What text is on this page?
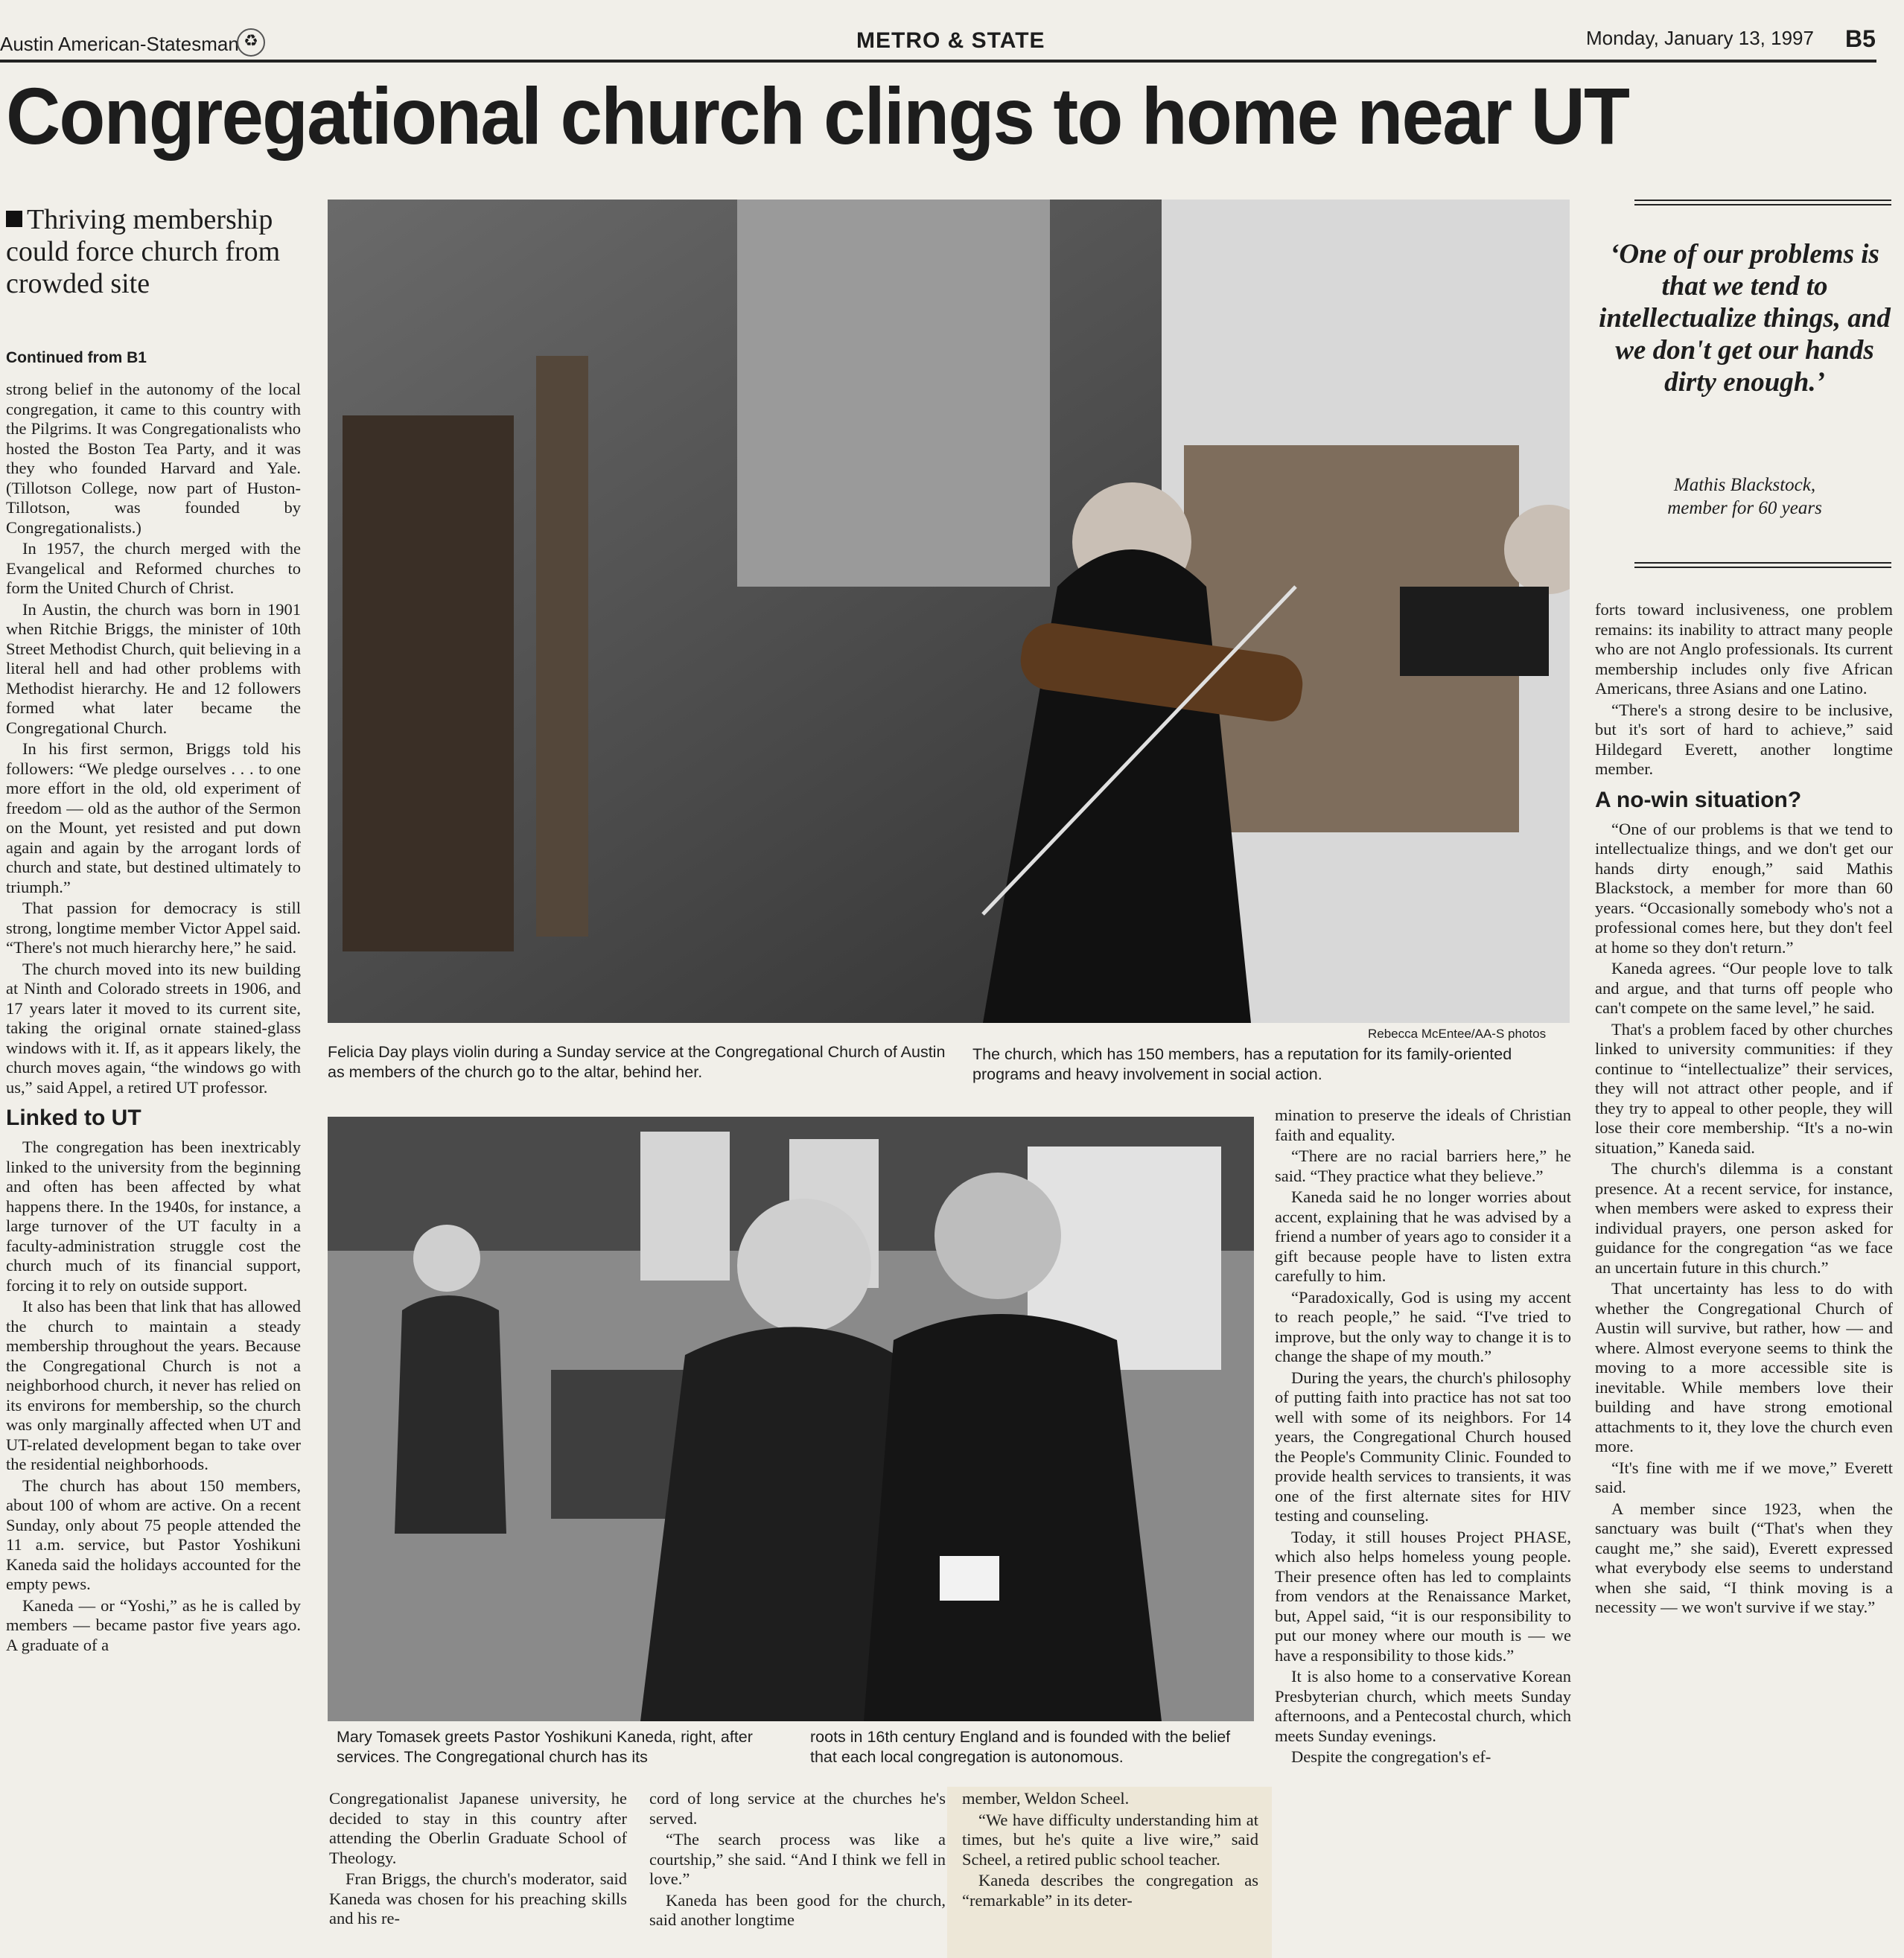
Austin American-Statesman ♻	METRO & STATE	Monday, January 13, 1997 B5
Congregational church clings to home near UT
Thriving membership could force church from crowded site
Continued from B1

strong belief in the autonomy of the local congregation, it came to this country with the Pilgrims. It was Congregationalists who hosted the Boston Tea Party, and it was they who founded Harvard and Yale. (Tillotson College, now part of Huston-Tillotson, was founded by Congregationalists.)

In 1957, the church merged with the Evangelical and Reformed churches to form the United Church of Christ.

In Austin, the church was born in 1901 when Ritchie Briggs, the minister of 10th Street Methodist Church, quit believing in a literal hell and had other problems with Methodist hierarchy. He and 12 followers formed what later became the Congregational Church.

In his first sermon, Briggs told his followers: “We pledge ourselves . . . to one more effort in the old, old experiment of freedom — old as the author of the Sermon on the Mount, yet resisted and put down again and again by the arrogant lords of church and state, but destined ultimately to triumph.”

That passion for democracy is still strong, longtime member Victor Appel said. “There's not much hierarchy here,” he said.

The church moved into its new building at Ninth and Colorado streets in 1906, and 17 years later it moved to its current site, taking the original ornate stained-glass windows with it. If, as it appears likely, the church moves again, “the windows go with us,” said Appel, a retired UT professor.

Linked to UT

The congregation has been inextricably linked to the university from the beginning and often has been affected by what happens there. In the 1940s, for instance, a large turnover of the UT faculty in a faculty-administration struggle cost the church much of its financial support, forcing it to rely on outside support.

It also has been that link that has allowed the church to maintain a steady membership throughout the years. Because the Congregational Church is not a neighborhood church, it never has relied on its environs for membership, so the church was only marginally affected when UT and UT-related development began to take over the residential neighborhoods.

The church has about 150 members, about 100 of whom are active. On a recent Sunday, only about 75 people attended the 11 a.m. service, but Pastor Yoshikuni Kaneda said the holidays accounted for the empty pews.

Kaneda — or “Yoshi,” as he is called by members — became pastor five years ago. A graduate of a

Rebecca McEntee/AA-S photos
Felicia Day plays violin during a Sunday service at the Congregational Church of Austin as members of the church go to the altar, behind her.
The church, which has 150 members, has a reputation for its family-oriented programs and heavy involvement in social action.
Mary Tomasek greets Pastor Yoshikuni Kaneda, right, after services. The Congregational church has its
roots in 16th century England and is founded with the belief that each local congregation is autonomous.

Congregationalist Japanese university, he decided to stay in this country after attending the Oberlin Graduate School of Theology.

Fran Briggs, the church's moderator, said Kaneda was chosen for his preaching skills and his re-

cord of long service at the churches he's served.

“The search process was like a courtship,” she said. “And I think we fell in love.”

Kaneda has been good for the church, said another longtime

member, Weldon Scheel.

“We have difficulty understanding him at times, but he's quite a live wire,” said Scheel, a retired public school teacher.

Kaneda describes the congregation as “remarkable” in its deter-

mination to preserve the ideals of Christian faith and equality.

“There are no racial barriers here,” he said. “They practice what they believe.”

Kaneda said he no longer worries about accent, explaining that he was advised by a friend a number of years ago to consider it a gift because people have to listen extra carefully to him.

“Paradoxically, God is using my accent to reach people,” he said. “I've tried to improve, but the only way to change it is to change the shape of my mouth.”

During the years, the church's philosophy of putting faith into practice has not sat too well with some of its neighbors. For 14 years, the Congregational Church housed the People's Community Clinic. Founded to provide health services to transients, it was one of the first alternate sites for HIV testing and counseling.

Today, it still houses Project PHASE, which also helps homeless young people. Their presence often has led to complaints from vendors at the Renaissance Market, but, Appel said, “it is our responsibility to put our money where our mouth is — we have a responsibility to those kids.”

It is also home to a conservative Korean Presbyterian church, which meets Sunday afternoons, and a Pentecostal church, which meets Sunday evenings.

Despite the congregation's ef-

‘One of our problems is that we tend to intellectualize things, and we don't get our hands dirty enough.’
Mathis Blackstock,
member for 60 years

forts toward inclusiveness, one problem remains: its inability to attract many people who are not Anglo professionals. Its current membership includes only five African Americans, three Asians and one Latino.

“There's a strong desire to be inclusive, but it's sort of hard to achieve,” said Hildegard Everett, another longtime member.

A no-win situation?

“One of our problems is that we tend to intellectualize things, and we don't get our hands dirty enough,” said Mathis Blackstock, a member for more than 60 years. “Occasionally somebody who's not a professional comes here, but they don't feel at home so they don't return.”

Kaneda agrees. “Our people love to talk and argue, and that turns off people who can't compete on the same level,” he said.

That's a problem faced by other churches linked to university communities: if they continue to “intellectualize” their services, they will not attract other people, and if they try to appeal to other people, they will lose their core membership. “It's a no-win situation,” Kaneda said.

The church's dilemma is a constant presence. At a recent service, for instance, when members were asked to express their individual prayers, one person asked for guidance for the congregation “as we face an uncertain future in this church.”

That uncertainty has less to do with whether the Congregational Church of Austin will survive, but rather, how — and where. Almost everyone seems to think the moving to a more accessible site is inevitable. While members love their building and have strong emotional attachments to it, they love the church even more.

“It's fine with me if we move,” Everett said.

A member since 1923, when the sanctuary was built (“That's when they caught me,” she said), Everett expressed what everybody else seems to understand when she said, “I think moving is a necessity — we won't survive if we stay.”
